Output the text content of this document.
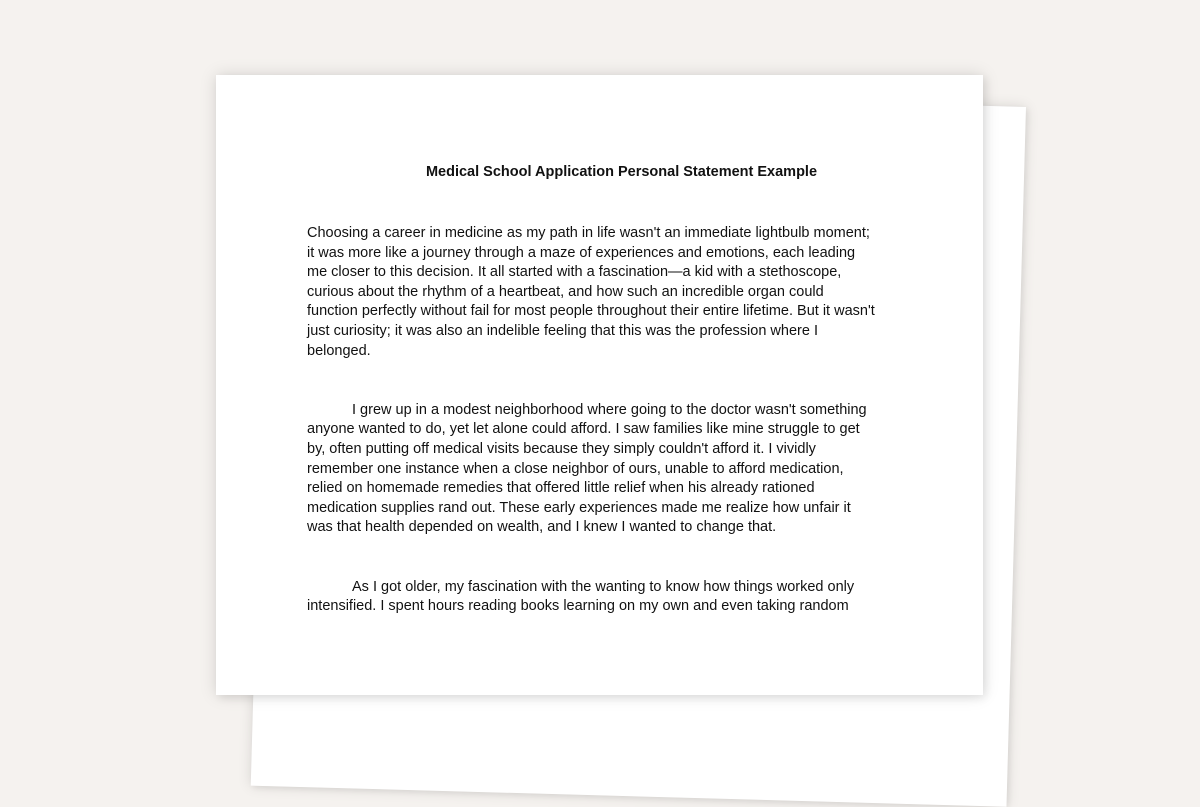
Medical School Application Personal Statement Example

Choosing a career in medicine as my path in life wasn't an immediate lightbulb moment;
it was more like a journey through a maze of experiences and emotions, each leading
me closer to this decision. It all started with a fascination—a kid with a stethoscope,
curious about the rhythm of a heartbeat, and how such an incredible organ could
function perfectly without fail for most people throughout their entire lifetime. But it wasn't
just curiosity; it was also an indelible feeling that this was the profession where I
belonged.

I grew up in a modest neighborhood where going to the doctor wasn't something
anyone wanted to do, yet let alone could afford. I saw families like mine struggle to get
by, often putting off medical visits because they simply couldn't afford it. I vividly
remember one instance when a close neighbor of ours, unable to afford medication,
relied on homemade remedies that offered little relief when his already rationed
medication supplies rand out. These early experiences made me realize how unfair it
was that health depended on wealth, and I knew I wanted to change that.

As I got older, my fascination with the wanting to know how things worked only
intensified. I spent hours reading books learning on my own and even taking random
